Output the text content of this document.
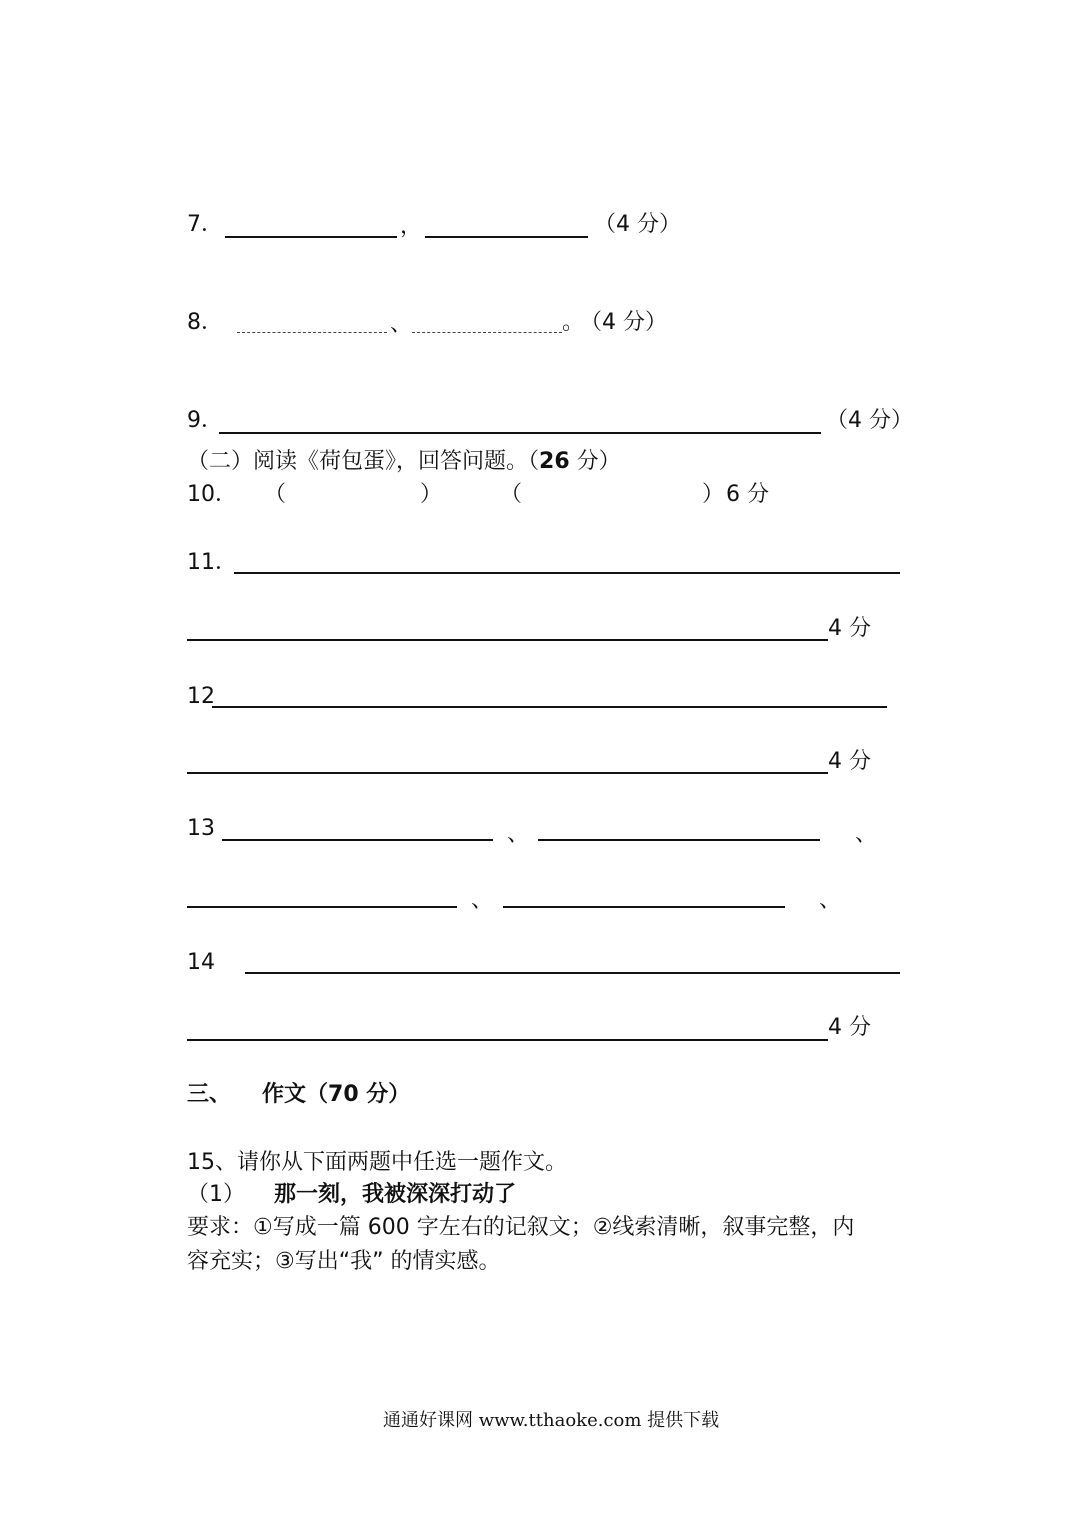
7．	，	（4 分）
8．	、	。
（4 分）
9．	（4 分）
（二）阅读《荷包蛋》，回答问题。（26 分）
10． （	）	（	） 6 分
11．
4 分
12
4 分
13	、	、
、	、
14
4 分
三、 作文（70 分）
15、请你从下面两题中任选一题作文。
（1） 那一刻，我被深深打动了
要求：①写成一篇 600 字左右的记叙文；②线索清晰，叙事完整，内
容充实；③写出“我” 的情实感。
通通好课网 www.tthaoke.com 提供下载
